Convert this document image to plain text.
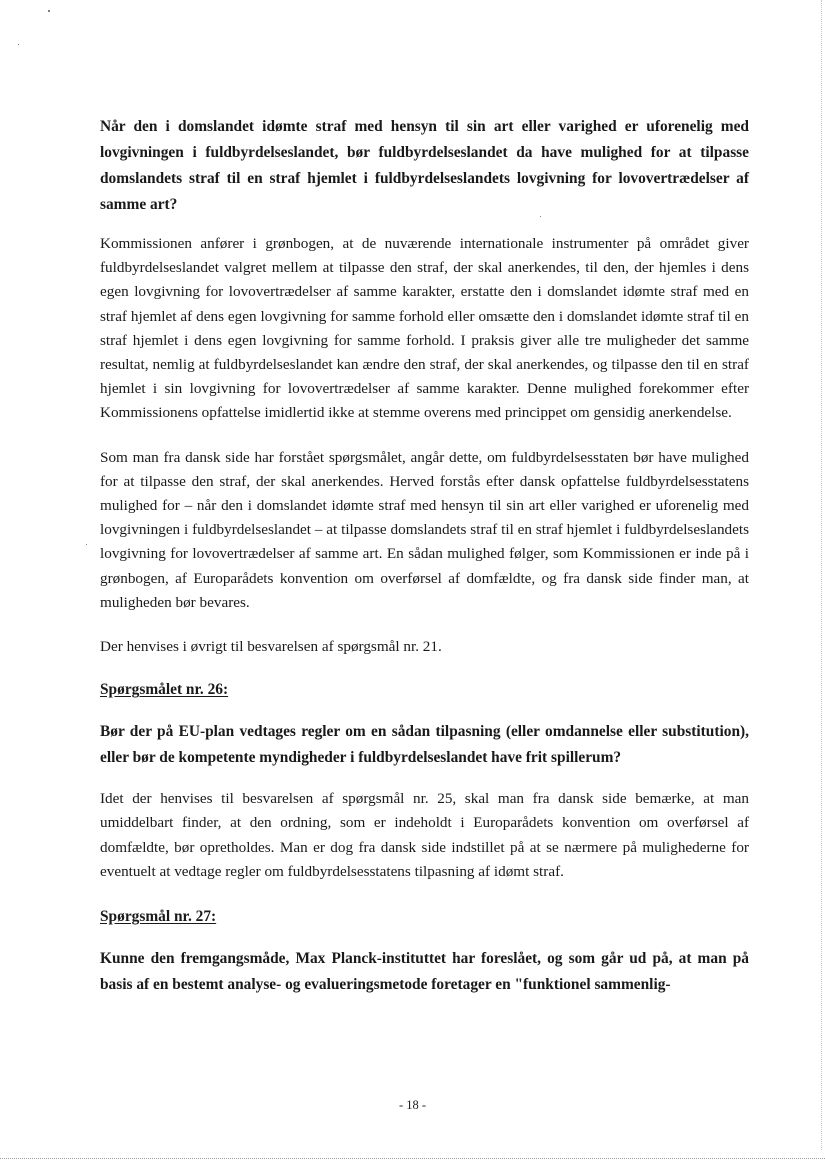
Når den i domslandet idømte straf med hensyn til sin art eller varighed er uforenelig med lovgivningen i fuldbyrdelseslandet, bør fuldbyrdelseslandet da have mulighed for at tilpasse domslandets straf til en straf hjemlet i fuldbyrdelseslandets lovgivning for lovovertrædelser af samme art?

Kommissionen anfører i grønbogen, at de nuværende internationale instrumenter på området giver fuldbyrdelseslandet valgret mellem at tilpasse den straf, der skal anerkendes, til den, der hjemles i dens egen lovgivning for lovovertrædelser af samme karakter, erstatte den i domslandet idømte straf med en straf hjemlet af dens egen lovgivning for samme forhold eller omsætte den i domslandet idømte straf til en straf hjemlet i dens egen lovgivning for samme forhold. I praksis giver alle tre muligheder det samme resultat, nemlig at fuldbyrdelseslandet kan ændre den straf, der skal anerkendes, og tilpasse den til en straf hjemlet i sin lovgivning for lovovertrædelser af samme karakter. Denne mulighed forekommer efter Kommissionens opfattelse imidlertid ikke at stemme overens med princippet om gensidig anerkendelse.

Som man fra dansk side har forstået spørgsmålet, angår dette, om fuldbyrdelsesstaten bør have mulighed for at tilpasse den straf, der skal anerkendes. Herved forstås efter dansk opfattelse fuldbyrdelsesstatens mulighed for – når den i domslandet idømte straf med hensyn til sin art eller varighed er uforenelig med lovgivningen i fuldbyrdelseslandet – at tilpasse domslandets straf til en straf hjemlet i fuldbyrdelseslandets lovgivning for lovovertrædelser af samme art. En sådan mulighed følger, som Kommissionen er inde på i grønbogen, af Europarådets konvention om overførsel af domfældte, og fra dansk side finder man, at muligheden bør bevares.

Der henvises i øvrigt til besvarelsen af spørgsmål nr. 21.

Spørgsmålet nr. 26:

Bør der på EU-plan vedtages regler om en sådan tilpasning (eller omdannelse eller substitution), eller bør de kompetente myndigheder i fuldbyrdelseslandet have frit spillerum?

Idet der henvises til besvarelsen af spørgsmål nr. 25, skal man fra dansk side bemærke, at man umiddelbart finder, at den ordning, som er indeholdt i Europarådets konvention om overførsel af domfældte, bør opretholdes. Man er dog fra dansk side indstillet på at se nærmere på mulighederne for eventuelt at vedtage regler om fuldbyrdelsesstatens tilpasning af idømt straf.

Spørgsmål nr. 27:

Kunne den fremgangsmåde, Max Planck-instituttet har foreslået, og som går ud på, at man på basis af en bestemt analyse- og evalueringsmetode foretager en "funktionel sammenlig-

- 18 -
